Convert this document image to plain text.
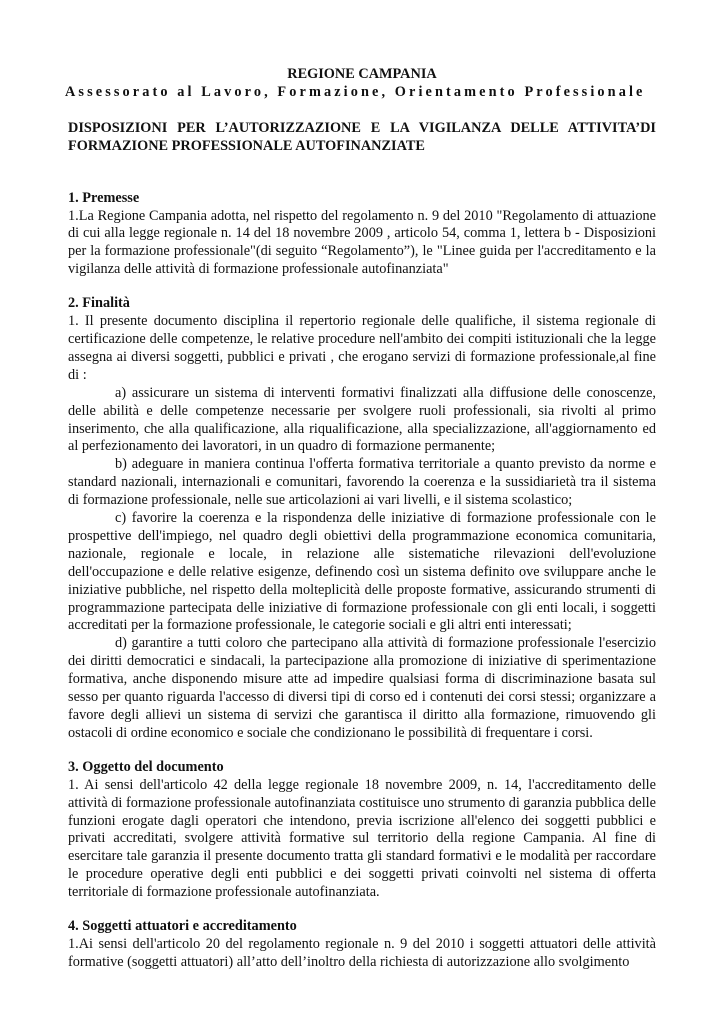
REGIONE CAMPANIA
Assessorato al Lavoro, Formazione, Orientamento Professionale
DISPOSIZIONI PER L’AUTORIZZAZIONE E LA VIGILANZA DELLE ATTIVITA’DI FORMAZIONE PROFESSIONALE AUTOFINANZIATE
1. Premesse

1.La Regione Campania adotta, nel rispetto del regolamento n. 9 del 2010 "Regolamento di attuazione di cui alla legge regionale n. 14 del 18 novembre 2009 , articolo 54, comma 1, lettera b - Disposizioni per la formazione professionale"(di seguito “Regolamento”), le "Linee guida per l'accreditamento e la vigilanza delle attività di formazione professionale autofinanziata"

2. Finalità

1. Il presente documento disciplina il repertorio regionale delle qualifiche, il sistema regionale di certificazione delle competenze, le relative procedure nell'ambito dei compiti istituzionali che la legge assegna ai diversi soggetti, pubblici e privati , che erogano servizi di formazione professionale,al fine di :

a) assicurare un sistema di interventi formativi finalizzati alla diffusione delle conoscenze, delle abilità e delle competenze necessarie per svolgere ruoli professionali, sia rivolti al primo inserimento, che alla qualificazione, alla riqualificazione, alla specializzazione, all'aggiornamento ed al perfezionamento dei lavoratori, in un quadro di formazione permanente;

b) adeguare in maniera continua l'offerta formativa territoriale a quanto previsto da norme e standard nazionali, internazionali e comunitari, favorendo la coerenza e la sussidiarietà tra il sistema di formazione professionale, nelle sue articolazioni ai vari livelli, e il sistema scolastico;

c) favorire la coerenza e la rispondenza delle iniziative di formazione professionale con le prospettive dell'impiego, nel quadro degli obiettivi della programmazione economica comunitaria, nazionale, regionale e locale, in relazione alle sistematiche rilevazioni dell'evoluzione dell'occupazione e delle relative esigenze, definendo così un sistema definito ove sviluppare anche le iniziative pubbliche, nel rispetto della molteplicità delle proposte formative, assicurando strumenti di programmazione partecipata delle iniziative di formazione professionale con gli enti locali, i soggetti accreditati per la formazione professionale, le categorie sociali e gli altri enti interessati;

d) garantire a tutti coloro che partecipano alla attività di formazione professionale l'esercizio dei diritti democratici e sindacali, la partecipazione alla promozione di iniziative di sperimentazione formativa, anche disponendo misure atte ad impedire qualsiasi forma di discriminazione basata sul sesso per quanto riguarda l'accesso di diversi tipi di corso ed i contenuti dei corsi stessi; organizzare a favore degli allievi un sistema di servizi che garantisca il diritto alla formazione, rimuovendo gli ostacoli di ordine economico e sociale che condizionano le possibilità di frequentare i corsi.

3. Oggetto del documento

1. Ai sensi dell'articolo 42 della legge regionale 18 novembre 2009, n. 14, l'accreditamento delle attività di formazione professionale autofinanziata costituisce uno strumento di garanzia pubblica delle funzioni erogate dagli operatori che intendono, previa iscrizione all'elenco dei soggetti pubblici e privati accreditati, svolgere attività formative sul territorio della regione Campania. Al fine di esercitare tale garanzia il presente documento tratta gli standard formativi e le modalità per raccordare le procedure operative degli enti pubblici e dei soggetti privati coinvolti nel sistema di offerta territoriale di formazione professionale autofinanziata.

4. Soggetti attuatori e accreditamento

1.Ai sensi dell'articolo 20 del regolamento regionale n. 9 del 2010 i soggetti attuatori delle attività formative (soggetti attuatori) all’atto dell’inoltro della richiesta di autorizzazione allo svolgimento
